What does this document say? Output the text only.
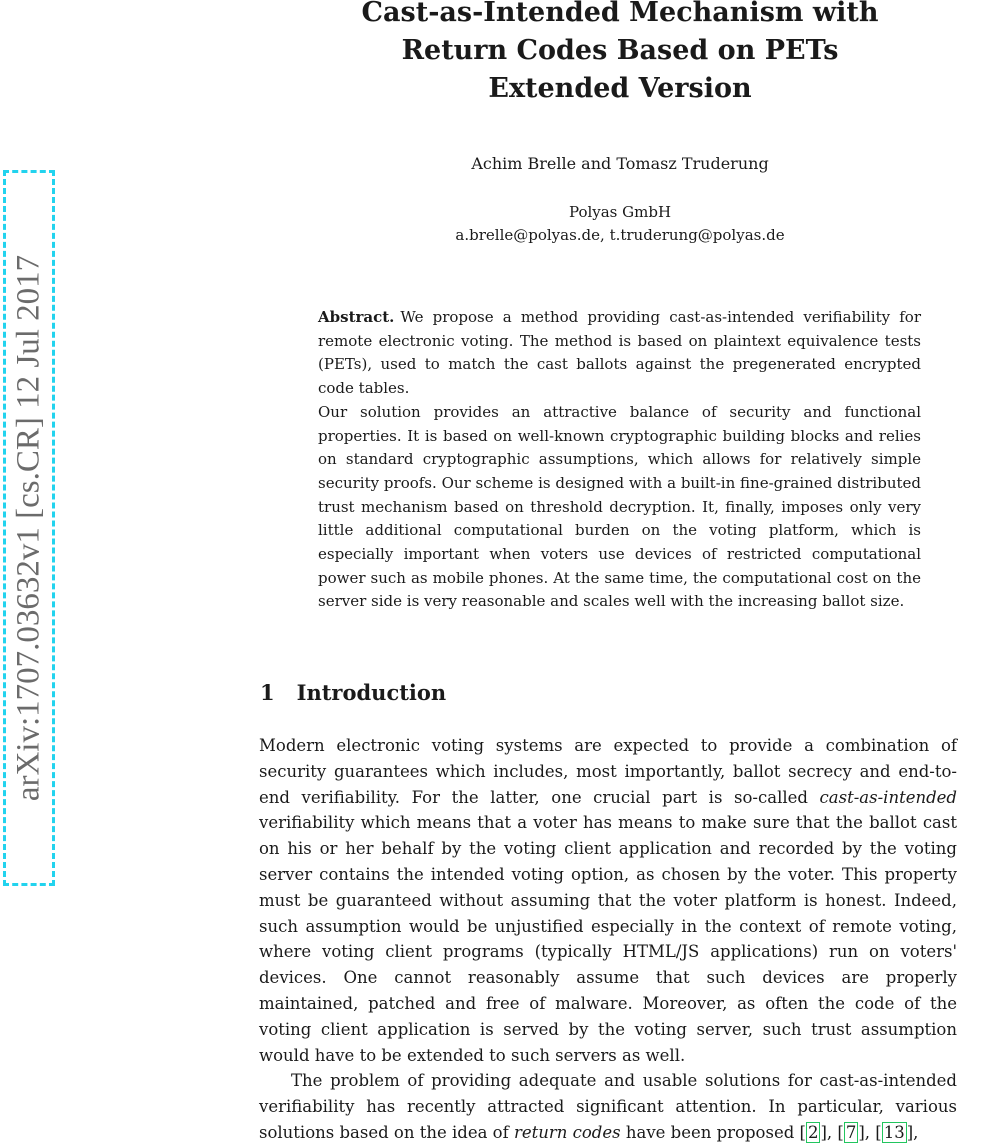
arXiv:1707.03632v1 [cs.CR] 12 Jul 2017
Cast-as-Intended Mechanism with
Return Codes Based on PETs
Extended Version
Achim Brelle and Tomasz Truderung
Polyas GmbH
a.brelle@polyas.de, t.truderung@polyas.de

Abstract. We propose a method providing cast-as-intended verifiability for remote electronic voting. The method is based on plaintext equivalence tests (PETs), used to match the cast ballots against the pregenerated encrypted code tables.

Our solution provides an attractive balance of security and functional properties. It is based on well-known cryptographic building blocks and relies on standard cryptographic assumptions, which allows for relatively simple security proofs. Our scheme is designed with a built-in fine-grained distributed trust mechanism based on threshold decryption. It, finally, imposes only very little additional computational burden on the voting platform, which is especially important when voters use devices of restricted computational power such as mobile phones. At the same time, the computational cost on the server side is very reasonable and scales well with the increasing ballot size.

1 Introduction

Modern electronic voting systems are expected to provide a combination of security guarantees which includes, most importantly, ballot secrecy and end-to-end verifiability. For the latter, one crucial part is so-called cast-as-intended verifiability which means that a voter has means to make sure that the ballot cast on his or her behalf by the voting client application and recorded by the voting server contains the intended voting option, as chosen by the voter. This property must be guaranteed without assuming that the voter platform is honest. Indeed, such assumption would be unjustified especially in the context of remote voting, where voting client programs (typically HTML/JS applications) run on voters' devices. One cannot reasonably assume that such devices are properly maintained, patched and free of malware. Moreover, as often the code of the voting client application is served by the voting server, such trust assumption would have to be extended to such servers as well.

The problem of providing adequate and usable solutions for cast-as-intended verifiability has recently attracted significant attention. In particular, various solutions based on the idea of return codes have been proposed [ 2 ], [ 7 ], [ 13 ],
